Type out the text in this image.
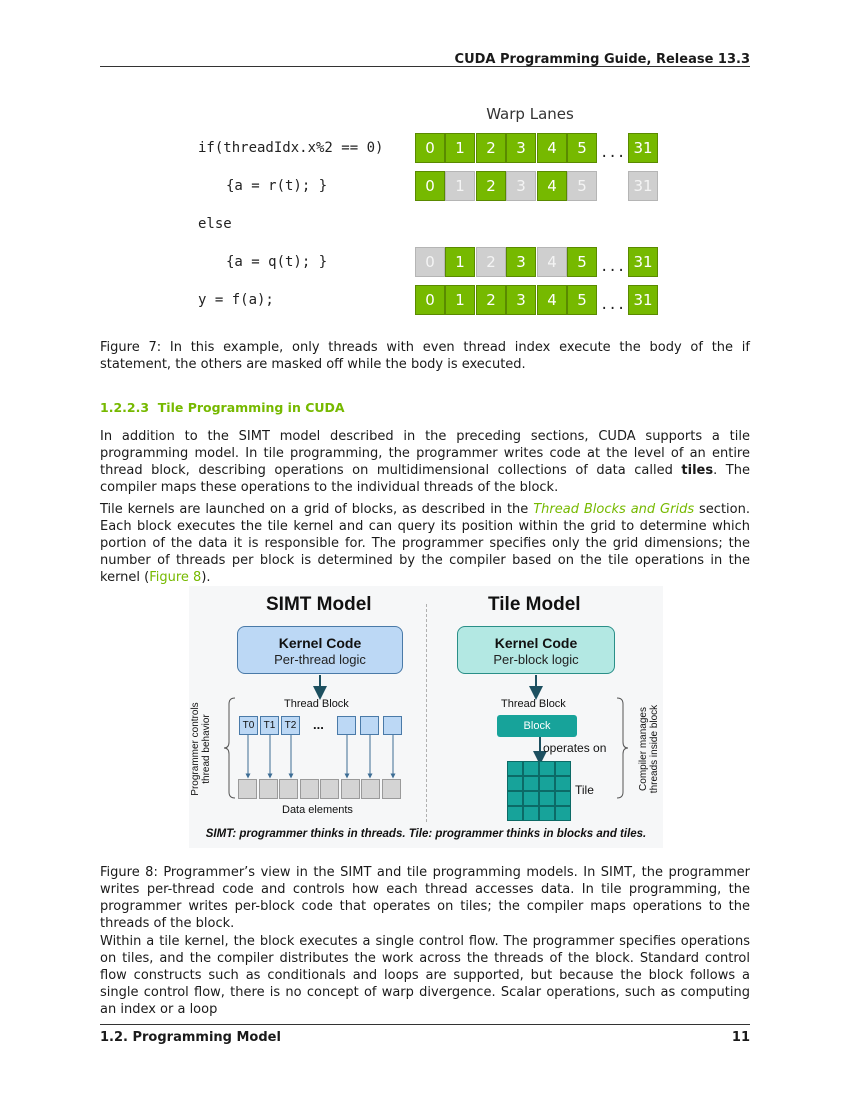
CUDA Programming Guide, Release 13.3
Warp Lanes
if(threadIdx.x%2 == 0)	0	1	2	3	4	5	31
...
{a = r(t); }	0	1	2	3	4	5	31
else
{a = q(t); }	0	1	2	3	4	5	31
...
y = f(a);	0	1	2	3	4	5	31
...
Figure 7: In this example, only threads with even thread index execute the body of the if statement, the others are masked off while the body is executed.
1.2.2.3 Tile Programming in CUDA
In addition to the SIMT model described in the preceding sections, CUDA supports a tile programming model. In tile programming, the programmer writes code at the level of an entire thread block, describing operations on multidimensional collections of data called tiles. The compiler maps these operations to the individual threads of the block.
Tile kernels are launched on a grid of blocks, as described in the Thread Blocks and Grids section. Each block executes the tile kernel and can query its position within the grid to determine which portion of the data it is responsible for. The programmer specifies only the grid dimensions; the number of threads per block is determined by the compiler based on the tile operations in the kernel (Figure 8).
SIMT Model	Tile Model
Kernel Code
Per-thread logic
Kernel Code
Per-block logic
Thread Block	Thread Block
T0 T1 T2 ...
Data elements
Block
operates on
Tile
Programmer controls thread behavior	Compiler manages threads inside block
SIMT: programmer thinks in threads. Tile: programmer thinks in blocks and tiles.
Figure 8: Programmer’s view in the SIMT and tile programming models. In SIMT, the programmer writes per-thread code and controls how each thread accesses data. In tile programming, the programmer writes per-block code that operates on tiles; the compiler maps operations to the threads of the block.
Within a tile kernel, the block executes a single control flow. The programmer specifies operations on tiles, and the compiler distributes the work across the threads of the block. Standard control flow constructs such as conditionals and loops are supported, but because the block follows a single control flow, there is no concept of warp divergence. Scalar operations, such as computing an index or a loop
1.2. Programming Model	11
